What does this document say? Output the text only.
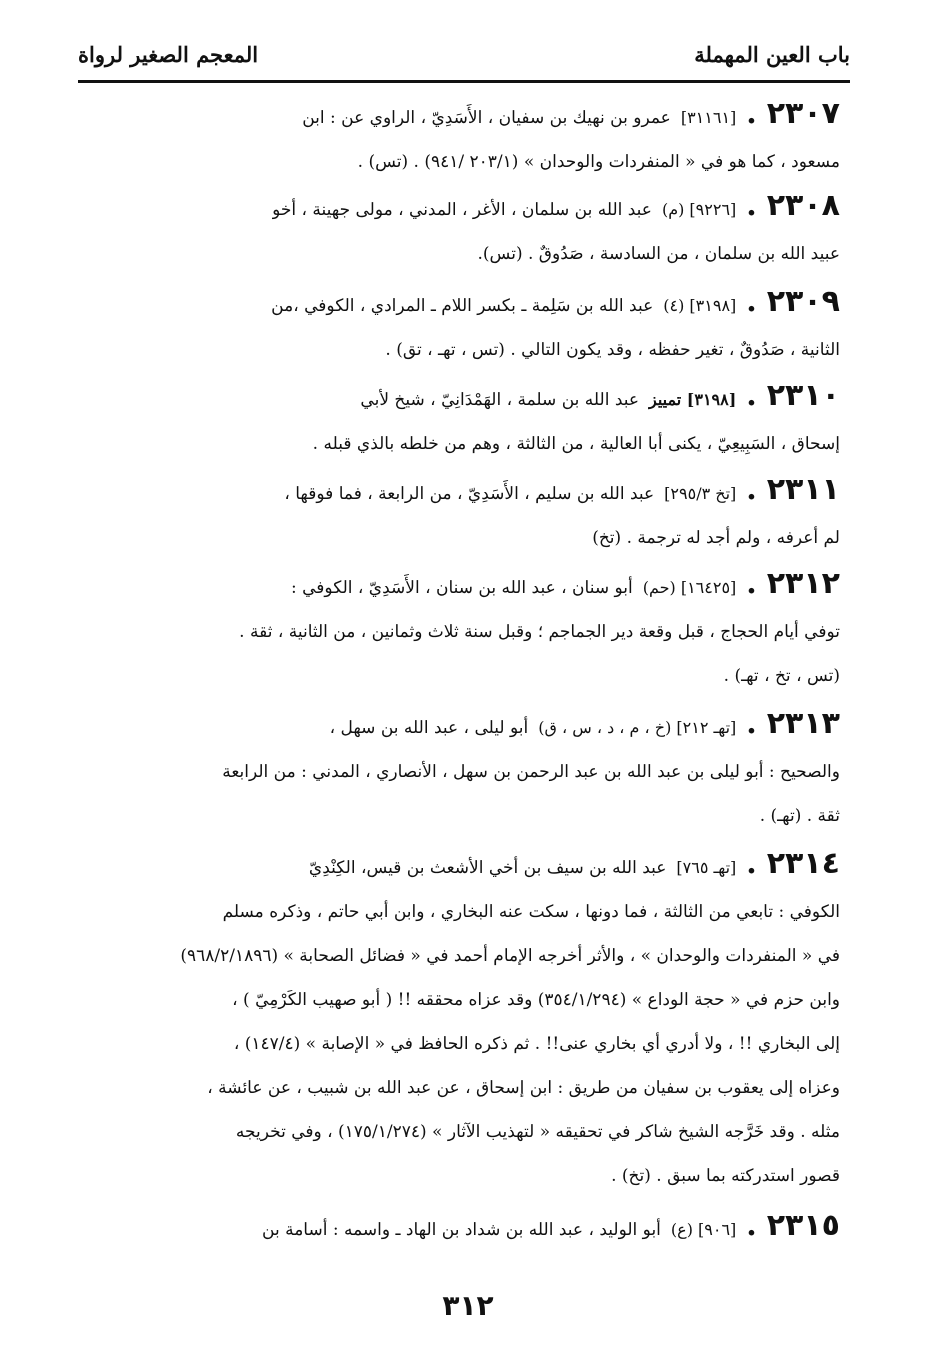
باب العين المهملة
المعجم الصغير لرواة
٢٣٠٧
.
[٣١١٦١]
عمرو بن نهيك بن سفيان ، الأَسَدِيّ ، الراوي عن : ابن
مسعود ، كما هو في « المنفردات والوحدان » (٢٠٣/١ /٩٤١) . (تس) .
٢٣٠٨
.
[٩٢٢٦] (م)
عبد الله بن سلمان ، الأغر ، المدني ، مولى جهينة ، أخو
عبيد الله بن سلمان ، من السادسة ، صَدُوقٌ . (تس).
٢٣٠٩
.
[٣١٩٨] (٤)
عبد الله بن سَلِمة ـ بكسر اللام ـ المرادي ، الكوفي ،من
الثانية ، صَدُوقٌ ، تغير حفظه ، وقد يكون التالي . (تس ، تهـ ، تق) .
٢٣١٠
.
[٣١٩٨] تمييز
عبد الله بن سلمة ، الهَمْدَانِيّ ، شيخ لأبي
إسحاق ، السَبِيعِيّ ، يكنى أبا العالية ، من الثالثة ، وهم من خلطه بالذي قبله .
٢٣١١
.
[تخ ٢٩٥/٣]
عبد الله بن سليم ، الأَسَدِيّ ، من الرابعة ، فما فوقها ،
لم أعرفه ، ولم أجد له ترجمة . (تخ)
٢٣١٢
.
[١٦٤٢٥] (حم)
أبو سنان ، عبد الله بن سنان ، الأَسَدِيّ ، الكوفي :
توفي أيام الحجاج ، قبل وقعة دير الجماجم ؛ وقبل سنة ثلاث وثمانين ، من الثانية ، ثقة .
(تس ، تخ ، تهـ) .
٢٣١٣
.
[تهـ ٢١٢] (خ ، م ، د ، س ، ق)
أبو ليلى ، عبد الله بن سهل ،
والصحيح : أبو ليلى بن عبد الله بن عبد الرحمن بن سهل ، الأنصاري ، المدني : من الرابعة
ثقة . (تهـ) .
٢٣١٤
.
[تهـ ٧٦٥]
عبد الله بن سيف بن أخي الأشعث بن قيس، الكِنْدِيّ
الكوفي : تابعي من الثالثة ، فما دونها ، سكت عنه البخاري ، وابن أبي حاتم ، وذكره مسلم
في « المنفردات والوحدان » ، والأثر أخرجه الإمام أحمد في « فضائل الصحابة » (٩٦٨/٢/١٨٩٦)
وابن حزم في « حجة الوداع » (٣٥٤/١/٢٩٤) وقد عزاه محققه !! ( أبو صهيب الكَرْمِيّ ) ،
إلى البخاري !! ، ولا أدري أي بخاري عنى!! . ثم ذكره الحافظ في « الإصابة » (١٤٧/٤) ،
وعزاه إلى يعقوب بن سفيان من طريق : ابن إسحاق ، عن عبد الله بن شبيب ، عن عائشة ،
مثله . وقد خَرَّجه الشيخ شاكر في تحقيقه « لتهذيب الآثار » (١٧٥/١/٢٧٤) ، وفي تخريجه
قصور استدركته بما سبق . (تخ) .
٢٣١٥
.
[٩٠٦] (ع)
أبو الوليد ، عبد الله بن شداد بن الهاد ـ واسمه : أسامة بن
٣١٢
